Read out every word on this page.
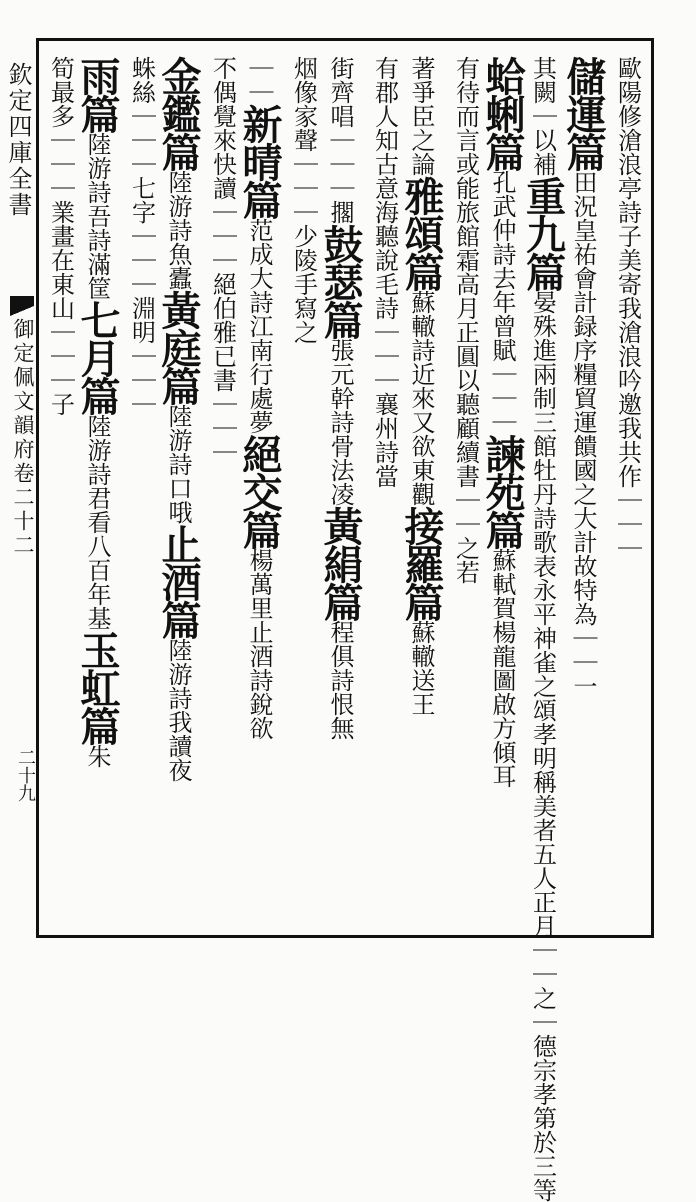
欽定四庫全書
御定佩文韻府卷二十二
二十九
歐陽修滄浪亭詩子美寄我滄浪吟邀我共作｜｜｜
儲運篇田況皇祐會計録序糧貿運饋國之大計故特為｜｜一
其闕｜以補重九篇晏殊進兩制三館牡丹詩歌表永平神雀之頌孝明稱美者五人正月｜｜之｜德宗孝第於三等
蛤蜊篇孔武仲詩去年曾賦｜｜｜諫苑篇蘇軾賀楊龍圖啟方傾耳
有待而言或能旅館霜高月正圓以聽顧續書｜｜之若
著爭臣之論雅頌篇蘇轍詩近來又欲東觀接羅篇蘇轍送王
有郡人知古意海聽說毛詩｜｜｜襄州詩當
街齊唱｜｜｜擱鼓瑟篇張元幹詩骨法凌黃絹篇程俱詩恨無
烟像家聲｜｜｜少陵手寫之
｜｜新晴篇范成大詩江南行處夢絕交篇楊萬里止酒詩銳欲
不偶覺來快讀｜｜｜絕伯雅已書｜｜｜
金鑑篇陸游詩魚蠹黃庭篇陸游詩口哦止酒篇陸游詩我讀夜
蛛絲｜｜｜七字｜｜｜淵明｜｜｜
雨篇陸游詩吾詩滿筐七月篇陸游詩君看八百年基玉虹篇朱
筍最多｜｜｜業畫在東山｜｜｜子
